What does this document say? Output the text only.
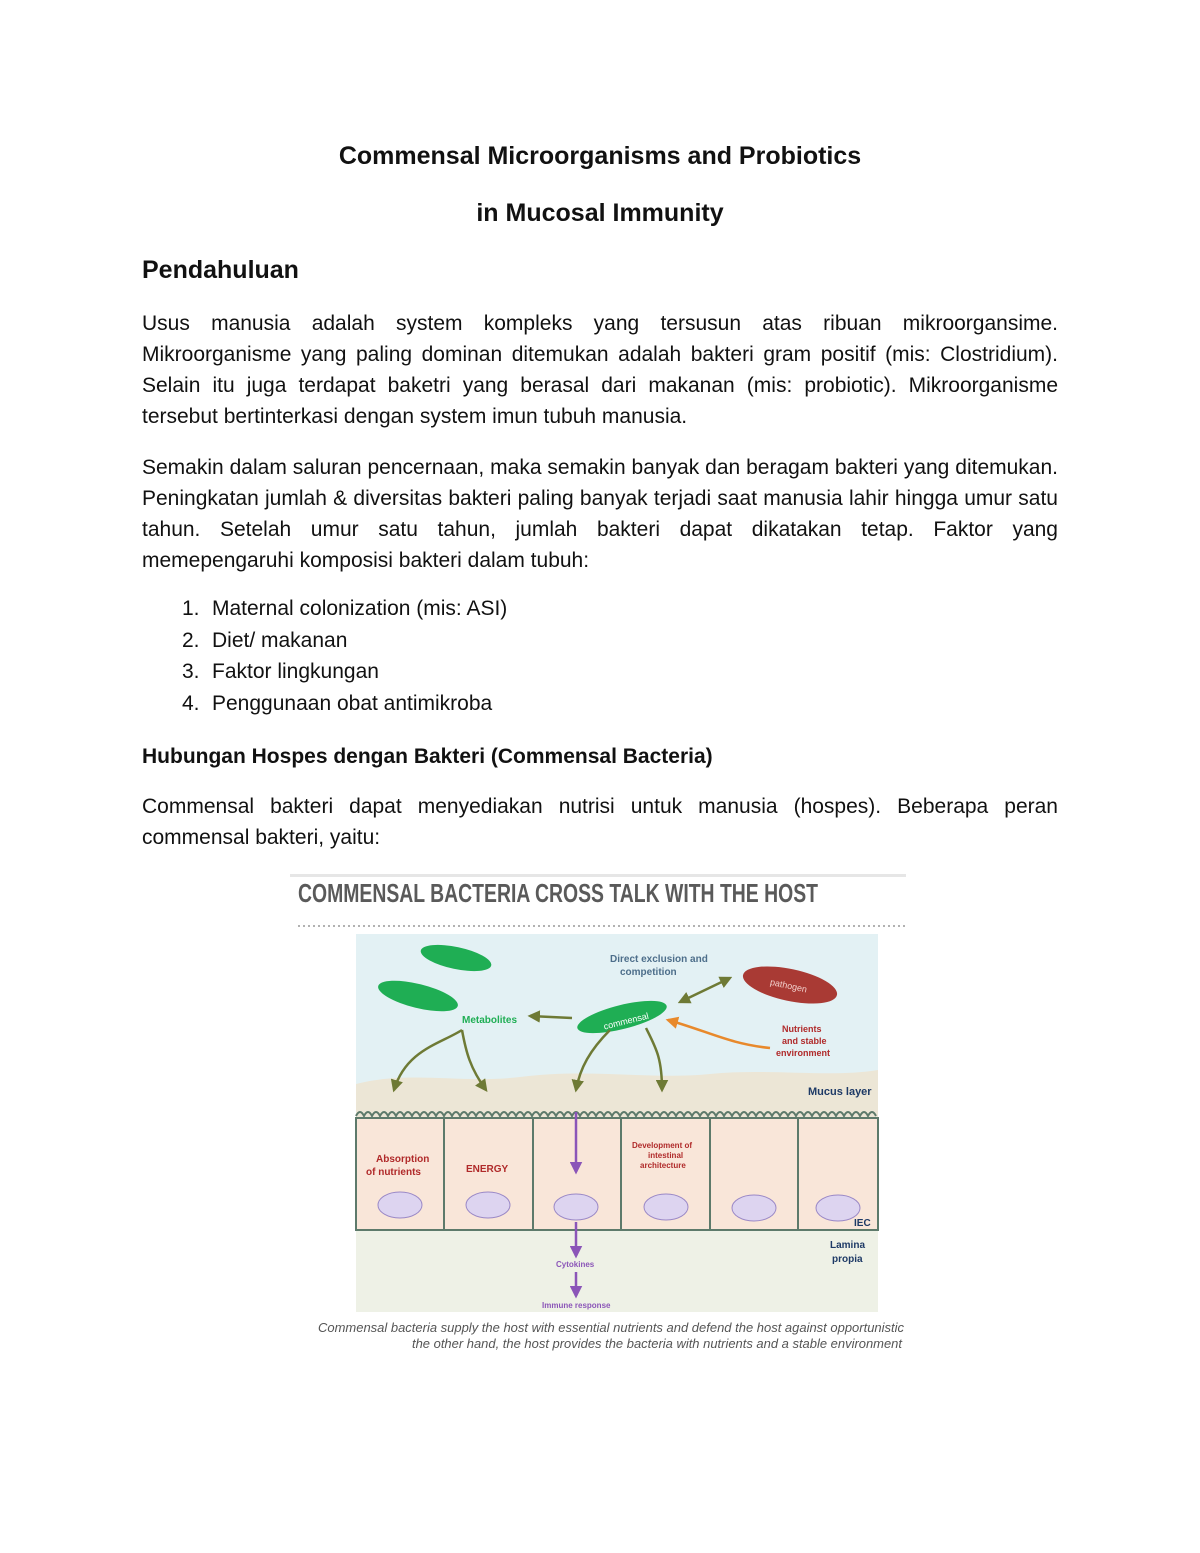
Commensal Microorganisms and Probiotics
in Mucosal Immunity
Pendahuluan
Usus manusia adalah system kompleks yang tersusun atas ribuan mikroorgansime. Mikroorganisme yang paling dominan ditemukan adalah bakteri gram positif (mis: Clostridium). Selain itu juga terdapat baketri yang berasal dari makanan (mis: probiotic). Mikroorganisme tersebut bertinterkasi dengan system imun tubuh manusia.
Semakin dalam saluran pencernaan, maka semakin banyak dan beragam bakteri yang ditemukan. Peningkatan jumlah & diversitas bakteri paling banyak terjadi saat manusia lahir hingga umur satu tahun. Setelah umur satu tahun, jumlah bakteri dapat dikatakan tetap. Faktor yang memepengaruhi komposisi bakteri dalam tubuh:
1. Maternal colonization (mis: ASI)
2. Diet/ makanan
3. Faktor lingkungan
4. Penggunaan obat antimikroba
Hubungan Hospes dengan Bakteri (Commensal Bacteria)
Commensal bakteri dapat menyediakan nutrisi untuk manusia (hospes). Beberapa peran commensal bakteri, yaitu:
COMMENSAL BACTERIA CROSS TALK WITH THE HOST
commensal
pathogen
Direct exclusion and
competition
Metabolites
Nutrients
and stable
environment
Mucus layer
Absorption
of nutrients	ENERGY
Development of
intestinal
architecture
IEC
Lamina
propia
Cytokines
Immune response
Commensal bacteria supply the host with essential nutrients and defend the host against opportunistic
the other hand, the host provides the bacteria with nutrients and a stable environment
